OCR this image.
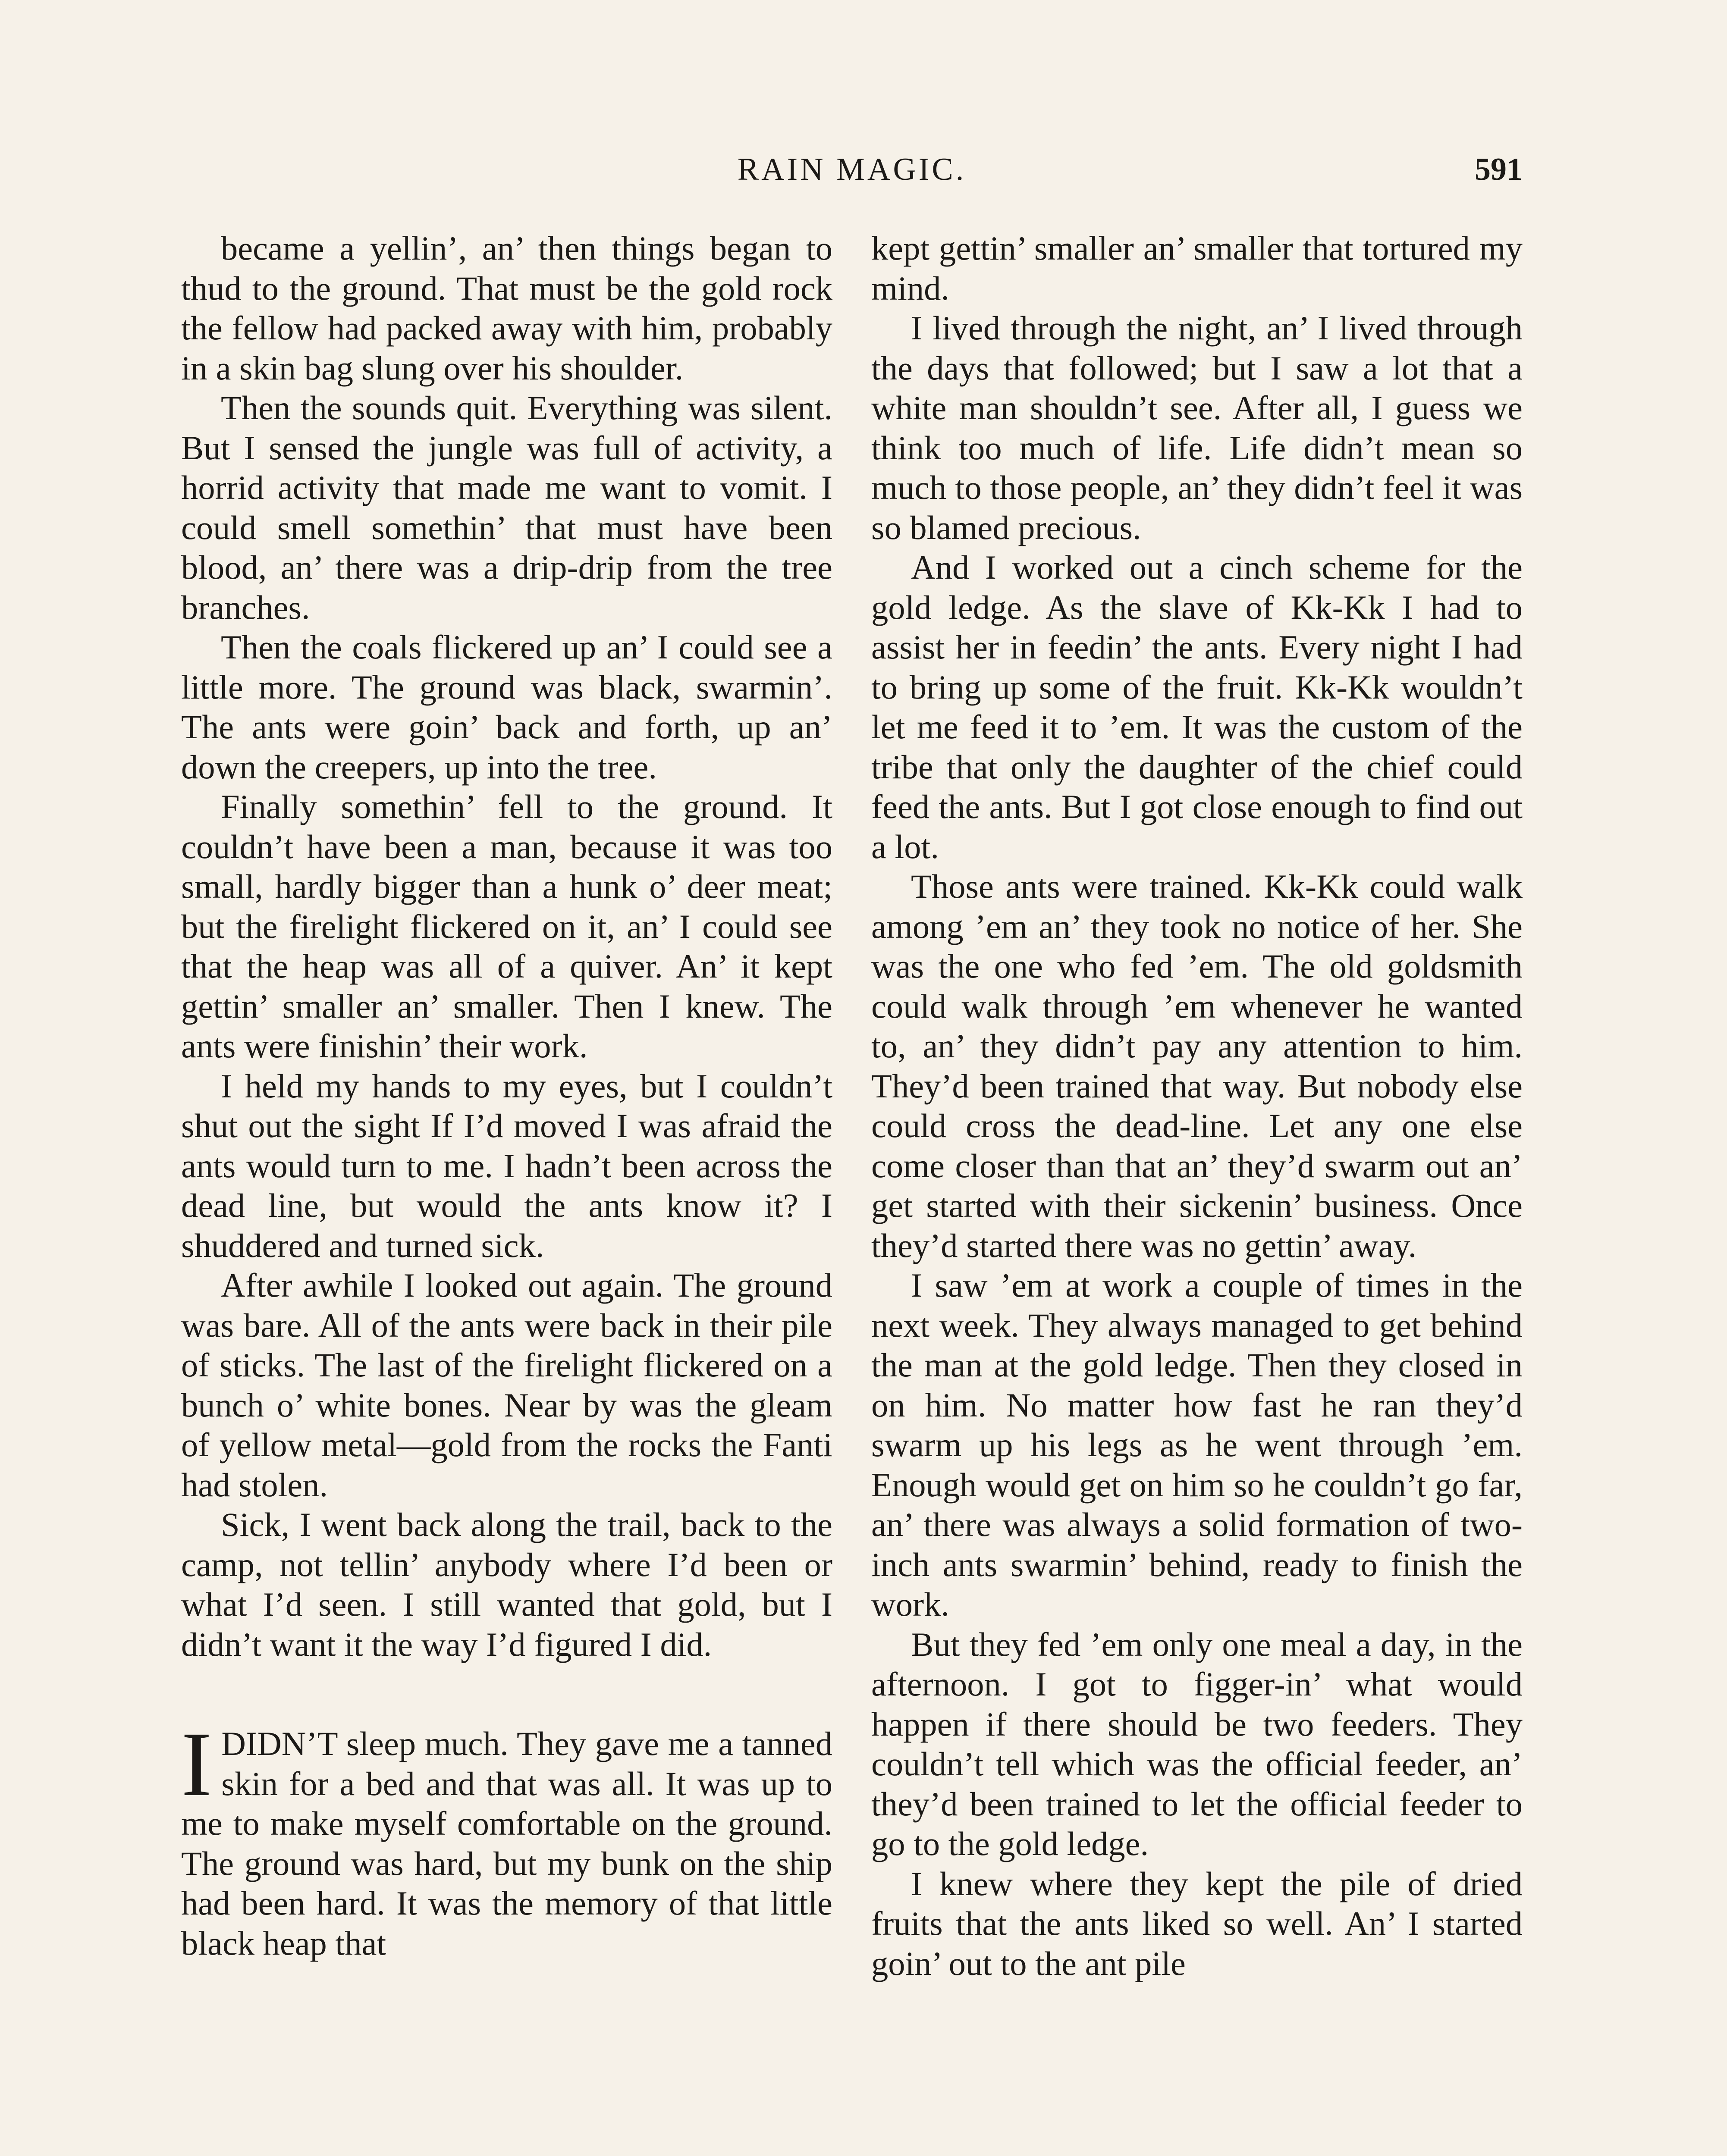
RAIN MAGIC.	591

became a yellin’, an’ then things began to thud to the ground. That must be the gold rock the fellow had packed away with him, probably in a skin bag slung over his shoulder.

Then the sounds quit. Everything was silent. But I sensed the jungle was full of activity, a horrid activity that made me want to vomit. I could smell somethin’ that must have been blood, an’ there was a drip-drip from the tree branches.

Then the coals flickered up an’ I could see a little more. The ground was black, swarmin’. The ants were goin’ back and forth, up an’ down the creepers, up into the tree.

Finally somethin’ fell to the ground. It couldn’t have been a man, because it was too small, hardly bigger than a hunk o’ deer meat; but the firelight flickered on it, an’ I could see that the heap was all of a quiver. An’ it kept gettin’ smaller an’ smaller. Then I knew. The ants were finishin’ their work.

I held my hands to my eyes, but I couldn’t shut out the sight If I’d moved I was afraid the ants would turn to me. I hadn’t been across the dead line, but would the ants know it? I shuddered and turned sick.

After awhile I looked out again. The ground was bare. All of the ants were back in their pile of sticks. The last of the firelight flickered on a bunch o’ white bones. Near by was the gleam of yellow metal—gold from the rocks the Fanti had stolen.

Sick, I went back along the trail, back to the camp, not tellin’ anybody where I’d been or what I’d seen. I still wanted that gold, but I didn’t want it the way I’d figured I did.

IDIDN’T sleep much. They gave me a tanned skin for a bed and that was all. It was up to me to make myself comfortable on the ground. The ground was hard, but my bunk on the ship had been hard. It was the memory of that little black heap that

kept gettin’ smaller an’ smaller that tortured my mind.

I lived through the night, an’ I lived through the days that followed; but I saw a lot that a white man shouldn’t see. After all, I guess we think too much of life. Life didn’t mean so much to those people, an’ they didn’t feel it was so blamed precious.

And I worked out a cinch scheme for the gold ledge. As the slave of Kk-Kk I had to assist her in feedin’ the ants. Every night I had to bring up some of the fruit. Kk-Kk wouldn’t let me feed it to ’em. It was the custom of the tribe that only the daughter of the chief could feed the ants. But I got close enough to find out a lot.

Those ants were trained. Kk-Kk could walk among ’em an’ they took no notice of her. She was the one who fed ’em. The old goldsmith could walk through ’em whenever he wanted to, an’ they didn’t pay any attention to him. They’d been trained that way. But nobody else could cross the dead-line. Let any one else come closer than that an’ they’d swarm out an’ get started with their sickenin’ business. Once they’d started there was no gettin’ away.

I saw ’em at work a couple of times in the next week. They always managed to get behind the man at the gold ledge. Then they closed in on him. No matter how fast he ran they’d swarm up his legs as he went through ’em. Enough would get on him so he couldn’t go far, an’ there was always a solid formation of two-inch ants swarmin’ behind, ready to finish the work.

But they fed ’em only one meal a day, in the afternoon. I got to figger-in’ what would happen if there should be two feeders. They couldn’t tell which was the official feeder, an’ they’d been trained to let the official feeder to go to the gold ledge.

I knew where they kept the pile of dried fruits that the ants liked so well. An’ I started goin’ out to the ant pile
